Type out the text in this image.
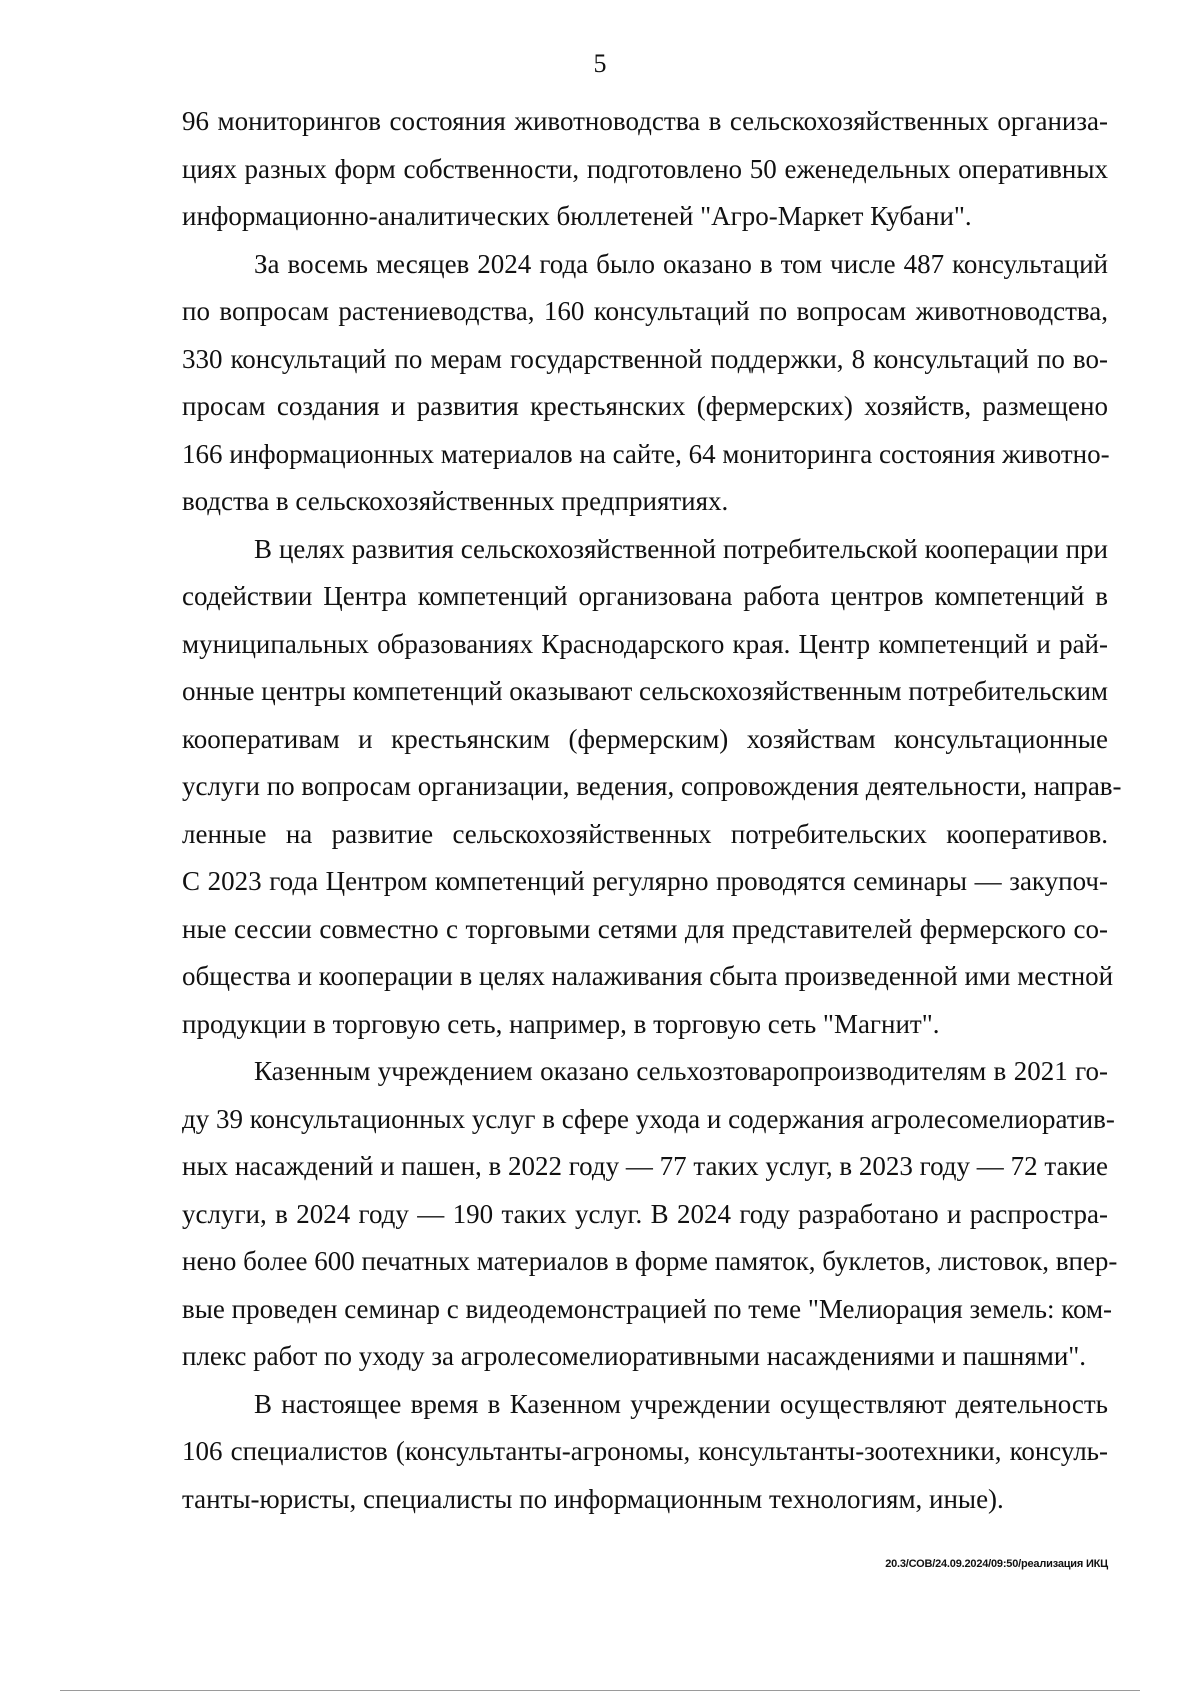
5

96 мониторингов состояния животноводства в сельскохозяйственных организа-
циях разных форм собственности, подготовлено 50 еженедельных оперативных
информационно-аналитических бюллетеней "Агро-Маркет Кубани".

За восемь месяцев 2024 года было оказано в том числе 487 консультаций
по вопросам растениеводства, 160 консультаций по вопросам животноводства,
330 консультаций по мерам государственной поддержки, 8 консультаций по во-
просам создания и развития крестьянских (фермерских) хозяйств, размещено
166 информационных материалов на сайте, 64 мониторинга состояния животно-
водства в сельскохозяйственных предприятиях.

В целях развития сельскохозяйственной потребительской кооперации при
содействии Центра компетенций организована работа центров компетенций в
муниципальных образованиях Краснодарского края. Центр компетенций и рай-
онные центры компетенций оказывают сельскохозяйственным потребительским
кооперативам и крестьянским (фермерским) хозяйствам консультационные
услуги по вопросам организации, ведения, сопровождения деятельности, направ-
ленные на развитие сельскохозяйственных потребительских кооперативов.
С 2023 года Центром компетенций регулярно проводятся семинары — закупоч-
ные сессии совместно с торговыми сетями для представителей фермерского со-
общества и кооперации в целях налаживания сбыта произведенной ими местной
продукции в торговую сеть, например, в торговую сеть "Магнит".

Казенным учреждением оказано сельхозтоваропроизводителям в 2021 го-
ду 39 консультационных услуг в сфере ухода и содержания агролесомелиоратив-
ных насаждений и пашен, в 2022 году — 77 таких услуг, в 2023 году — 72 такие
услуги, в 2024 году — 190 таких услуг. В 2024 году разработано и распростра-
нено более 600 печатных материалов в форме памяток, буклетов, листовок, впер-
вые проведен семинар с видеодемонстрацией по теме "Мелиорация земель: ком-
плекс работ по уходу за агролесомелиоративными насаждениями и пашнями".

В настоящее время в Казенном учреждении осуществляют деятельность
106 специалистов (консультанты-агрономы, консультанты-зоотехники, консуль-
танты-юристы, специалисты по информационным технологиям, иные).

20.3/СОВ/24.09.2024/09:50/реализация ИКЦ
